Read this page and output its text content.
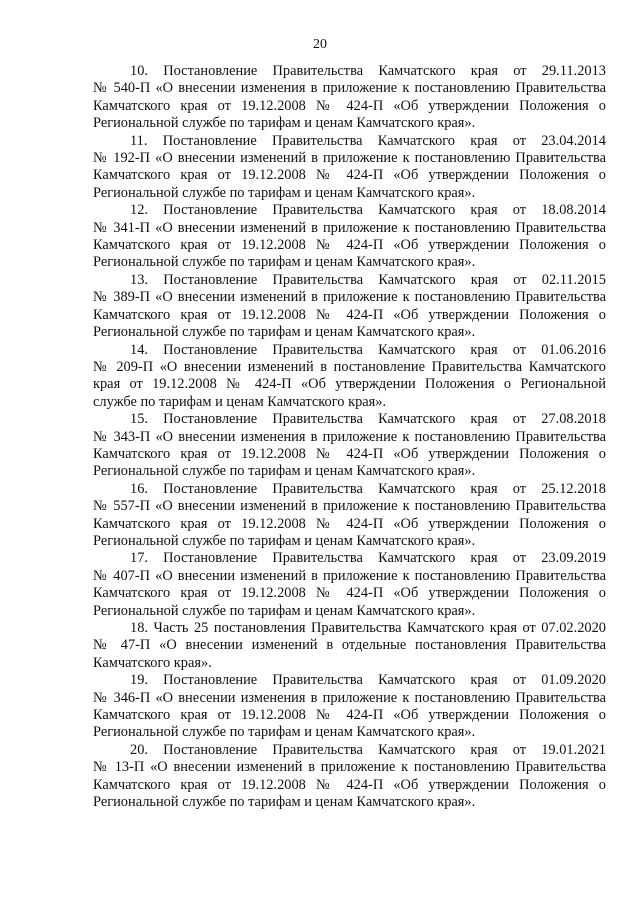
20

10. Постановление Правительства Камчатского края от 29.11.2013
№ 540-П «О внесении изменения в приложение к постановлению Правительства
Камчатского края от 19.12.2008 № 424-П «Об утверждении Положения о
Региональной службе по тарифам и ценам Камчатского края».

11. Постановление Правительства Камчатского края от 23.04.2014
№ 192-П «О внесении изменений в приложение к постановлению Правительства
Камчатского края от 19.12.2008 № 424-П «Об утверждении Положения о
Региональной службе по тарифам и ценам Камчатского края».

12. Постановление Правительства Камчатского края от 18.08.2014
№ 341-П «О внесении изменений в приложение к постановлению Правительства
Камчатского края от 19.12.2008 № 424-П «Об утверждении Положения о
Региональной службе по тарифам и ценам Камчатского края».

13. Постановление Правительства Камчатского края от 02.11.2015
№ 389-П «О внесении изменений в приложение к постановлению Правительства
Камчатского края от 19.12.2008 № 424-П «Об утверждении Положения о
Региональной службе по тарифам и ценам Камчатского края».

14. Постановление Правительства Камчатского края от 01.06.2016
№ 209-П «О внесении изменений в постановление Правительства Камчатского
края от 19.12.2008 № 424-П «Об утверждении Положения о Региональной
службе по тарифам и ценам Камчатского края».

15. Постановление Правительства Камчатского края от 27.08.2018
№ 343-П «О внесении изменения в приложение к постановлению Правительства
Камчатского края от 19.12.2008 № 424-П «Об утверждении Положения о
Региональной службе по тарифам и ценам Камчатского края».

16. Постановление Правительства Камчатского края от 25.12.2018
№ 557-П «О внесении изменений в приложение к постановлению Правительства
Камчатского края от 19.12.2008 № 424-П «Об утверждении Положения о
Региональной службе по тарифам и ценам Камчатского края».

17. Постановление Правительства Камчатского края от 23.09.2019
№ 407-П «О внесении изменений в приложение к постановлению Правительства
Камчатского края от 19.12.2008 № 424-П «Об утверждении Положения о
Региональной службе по тарифам и ценам Камчатского края».

18. Часть 25 постановления Правительства Камчатского края от 07.02.2020
№ 47-П «О внесении изменений в отдельные постановления Правительства
Камчатского края».

19. Постановление Правительства Камчатского края от 01.09.2020
№ 346-П «О внесении изменения в приложение к постановлению Правительства
Камчатского края от 19.12.2008 № 424-П «Об утверждении Положения о
Региональной службе по тарифам и ценам Камчатского края».

20. Постановление Правительства Камчатского края от 19.01.2021
№ 13-П «О внесении изменений в приложение к постановлению Правительства
Камчатского края от 19.12.2008 № 424-П «Об утверждении Положения о
Региональной службе по тарифам и ценам Камчатского края».
